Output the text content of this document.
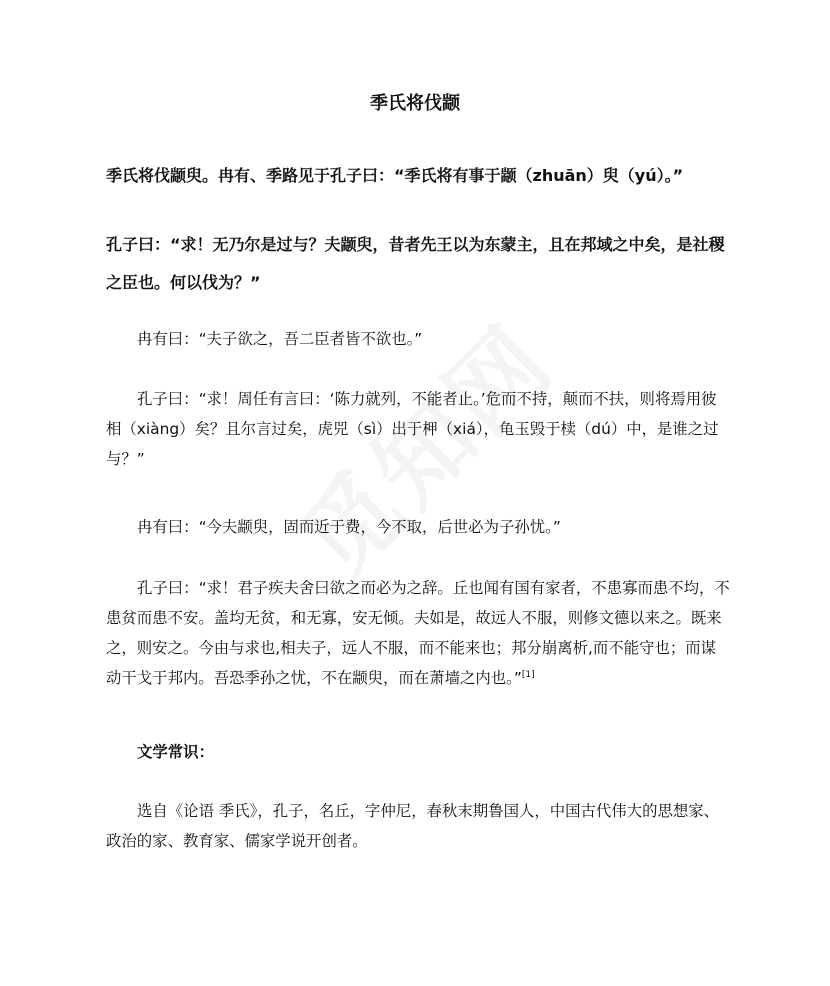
季氏将伐颛

季氏将伐颛臾。冉有、季路见于孔子曰：“季氏将有事于颛（zhuān）臾（yú）。”

孔子曰：“求！无乃尔是过与？夫颛臾，昔者先王以为东蒙主，且在邦域之中矣，是社稷之臣也。何以伐为？”

冉有曰：“夫子欲之，吾二臣者皆不欲也。”

孔子曰：“求！周任有言曰：‘陈力就列，不能者止。’危而不持，颠而不扶，则将焉用彼相（xiàng）矣？且尔言过矣，虎兕（sì）出于柙（xiá），龟玉毁于椟（dú）中，是谁之过与？”

冉有曰：“今夫颛臾，固而近于费，今不取，后世必为子孙忧。”

孔子曰：“求！君子疾夫舍曰欲之而必为之辞。丘也闻有国有家者，不患寡而患不均，不患贫而患不安。盖均无贫，和无寡，安无倾。夫如是，故远人不服，则修文德以来之。既来之，则安之。今由与求也,相夫子，远人不服，而不能来也；邦分崩离析,而不能守也；而谋动干戈于邦内。吾恐季孙之忧，不在颛臾，而在萧墙之内也。”[1]

文学常识：

选自《论语 季氏》，孔子，名丘，字仲尼，春秋末期鲁国人，中国古代伟大的思想家、政治的家、教育家、儒家学说开创者。
